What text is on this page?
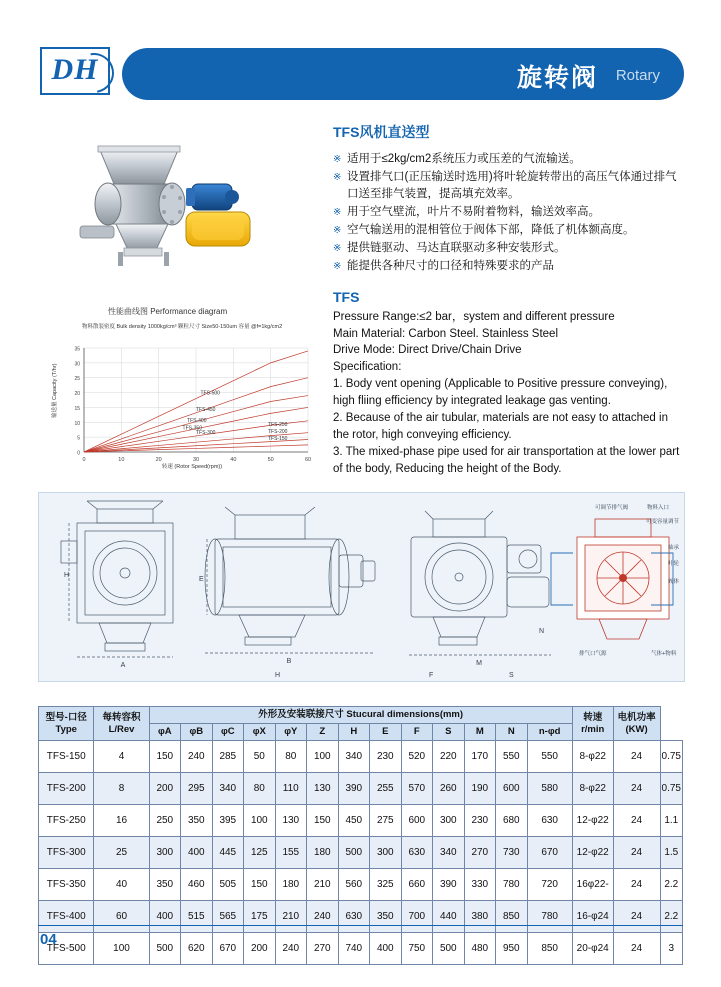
DH	旋转阀 Rotary
TFS风机直送型
※ 适用于≤2kg/cm2系统压力或压差的气流输送。
※ 设置排气口(正压输送时选用)将叶轮旋转带出的高压气体通过排气口送至排气装置，提高填充效率。
※ 用于空气壁流，叶片不易附着物料，输送效率高。
※ 空气输送用的混相管位于阀体下部，降低了机体额高度。
※ 提供链驱动、马达直联驱动多种安装形式。
※ 能提供各种尺寸的口径和特殊要求的产品
TFS
Pressure Range:≤2 bar，system and different pressure
Main Material: Carbon Steel. Stainless Steel
Drive Mode: Direct Drive/Chain Drive
Specification:
1. Body vent opening (Applicable to Positive pressure conveying), high fliing efficiency by integrated leakage gas venting.
2. Because of the air tubular, materials are not easy to attached in the rotor, high conveying efficiency.
3. The mixed-phase pipe used for air transportation at the lower part of the body, Reducing the height of the Body.
性能曲线图 Performance diagram
物料散装密度 Bulk density 1000kg/cm³ 颗粒尺寸 Size50-150um 容量 @f=1kg/cm2
0
5
10
15
20
25
30
35
0	10	20	30	40	50	60
TFS-500
TFS-450
TFS-400
TFS-350
TFS-300
TFS-250
TFS-200
TFS-150
输送量 Capacity (T/hr)
转速 (Rotor Speed(rpm))
A
H
B
E
M
N
物料入口
可调节排气阀
可变容量调节
轴承
叶轮
阀体
排气口气源	气体+物料
H	F	S
型号-口径
Type

每转容积
L/Rev
	外形及安装联接尺寸 Stucural dimensions(mm)	转速
r/min

电机功率
(KW)

		φA	φB	φC	φX	φY	Z	H	E	F	S	M	N	n-φd			
TFS-150	4	150	240	285	50	80	100	340	230	520	220	170	550	550	8-φ22	24	0.75
TFS-200	8	200	295	340	80	110	130	390	255	570	260	190	600	580	8-φ22	24	0.75
TFS-250	16	250	350	395	100	130	150	450	275	600	300	230	680	630	12-φ22	24	1.1
TFS-300	25	300	400	445	125	155	180	500	300	630	340	270	730	670	12-φ22	24	1.5
TFS-350	40	350	460	505	150	180	210	560	325	660	390	330	780	720	16φ22-	24	2.2
TFS-400	60	400	515	565	175	210	240	630	350	700	440	380	850	780	16-φ24	24	2.2
TFS-500	100	500	620	670	200	240	270	740	400	750	500	480	950	850	20-φ24	24	3
04
